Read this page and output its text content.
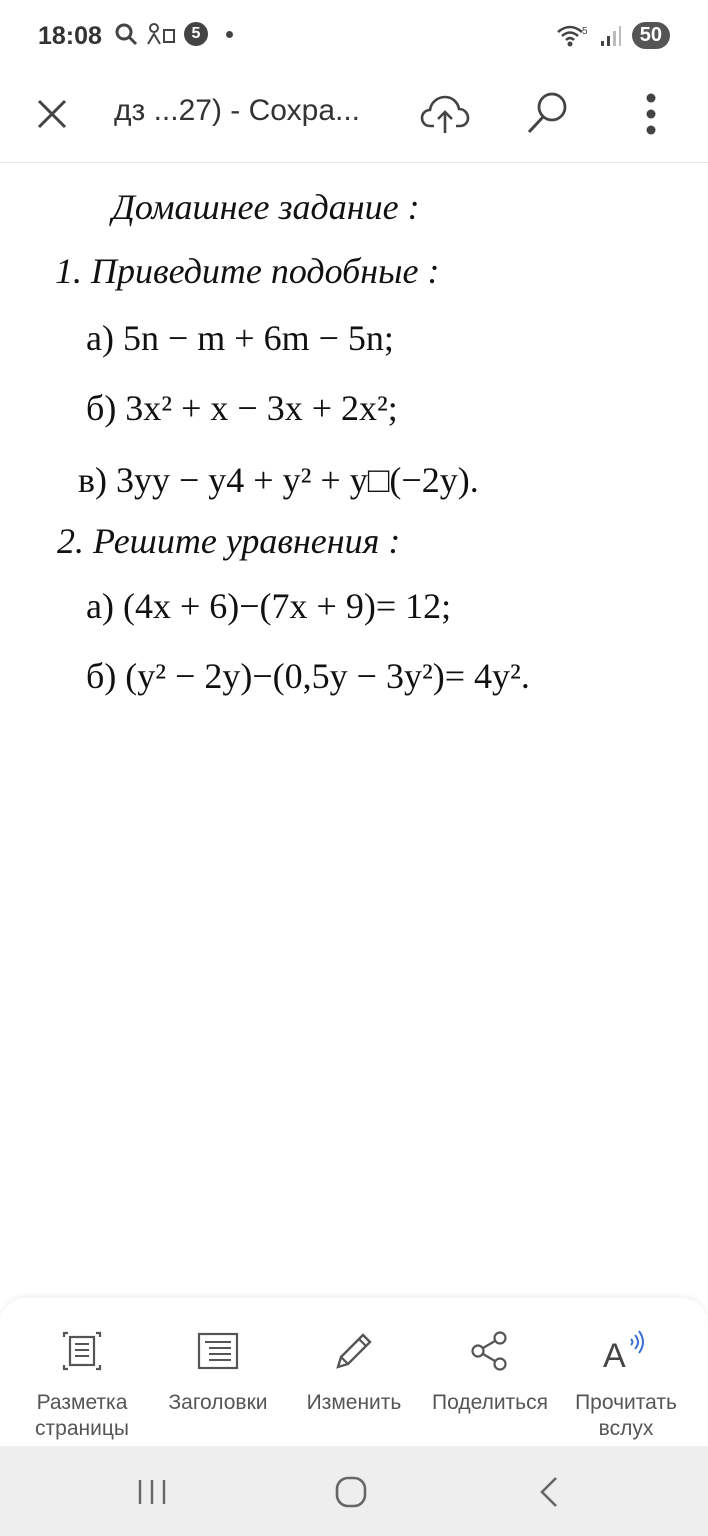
18:08	5	5	50
дз ...27) - Сохра...
Домашнее задание :
1. Приведите подобные :
а) 5n − m + 6m − 5n;
б) 3x² + x − 3x + 2x²;
в) 3yy − y4 + y² + y□(−2y).
2. Решите уравнения :
а) (4x + 6)−(7x + 9)= 12;
б) (y² − 2y)−(0,5y − 3y²)= 4y².
Разметка
страницы
Заголовки	Изменить	Поделиться
A
Прочитать
вслух
